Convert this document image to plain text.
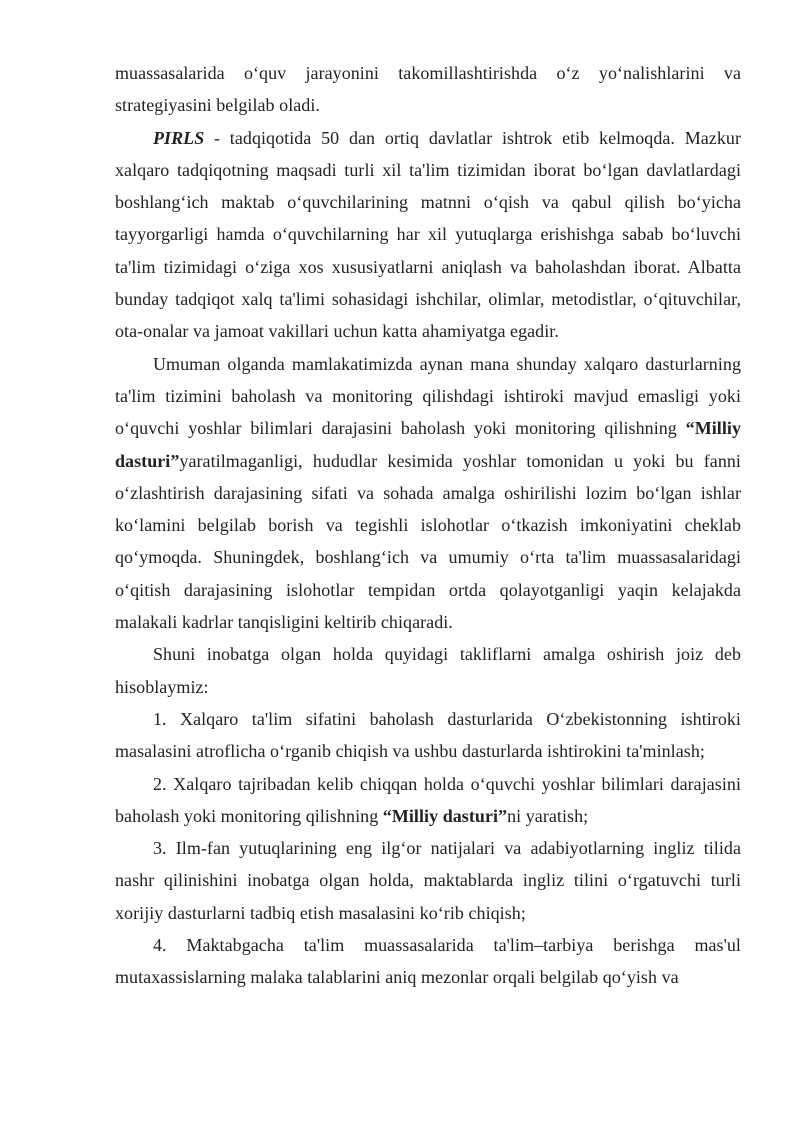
muassasalarida o‘quv jarayonini takomillashtirishda o‘z yo‘nalishlarini va strategiyasini belgilab oladi.

PIRLS - tadqiqotida 50 dan ortiq davlatlar ishtrok etib kelmoqda. Mazkur xalqaro tadqiqotning maqsadi turli xil ta'lim tizimidan iborat bo‘lgan davlatlardagi boshlang‘ich maktab o‘quvchilarining matnni o‘qish va qabul qilish bo‘yicha tayyorgarligi hamda o‘quvchilarning har xil yutuqlarga erishishga sabab bo‘luvchi ta'lim tizimidagi o‘ziga xos xususiyatlarni aniqlash va baholashdan iborat. Albatta bunday tadqiqot xalq ta'limi sohasidagi ishchilar, olimlar, metodistlar, o‘qituvchilar, ota-onalar va jamoat vakillari uchun katta ahamiyatga egadir.

Umuman olganda mamlakatimizda aynan mana shunday xalqaro dasturlarning ta'lim tizimini baholash va monitoring qilishdagi ishtiroki mavjud emasligi yoki o‘quvchi yoshlar bilimlari darajasini baholash yoki monitoring qilishning “Milliy dasturi”yaratilmaganligi, hududlar kesimida yoshlar tomonidan u yoki bu fanni o‘zlashtirish darajasining sifati va sohada amalga oshirilishi lozim bo‘lgan ishlar ko‘lamini belgilab borish va tegishli islohotlar o‘tkazish imkoniyatini cheklab qo‘ymoqda. Shuningdek, boshlang‘ich va umumiy o‘rta ta'lim muassasalaridagi o‘qitish darajasining islohotlar tempidan ortda qolayotganligi yaqin kelajakda malakali kadrlar tanqisligini keltirib chiqaradi.

Shuni inobatga olgan holda quyidagi takliflarni amalga oshirish joiz deb hisoblaymiz:

1. Xalqaro ta'lim sifatini baholash dasturlarida O‘zbekistonning ishtiroki masalasini atroflicha o‘rganib chiqish va ushbu dasturlarda ishtirokini ta'minlash;

2. Xalqaro tajribadan kelib chiqqan holda o‘quvchi yoshlar bilimlari darajasini baholash yoki monitoring qilishning “Milliy dasturi”ni yaratish;

3. Ilm-fan yutuqlarining eng ilg‘or natijalari va adabiyotlarning ingliz tilida nashr qilinishini inobatga olgan holda, maktablarda ingliz tilini o‘rgatuvchi turli xorijiy dasturlarni tadbiq etish masalasini ko‘rib chiqish;

4. Maktabgacha ta'lim muassasalarida ta'lim–tarbiya berishga mas'ul mutaxassislarning malaka talablarini aniq mezonlar orqali belgilab qo‘yish va
